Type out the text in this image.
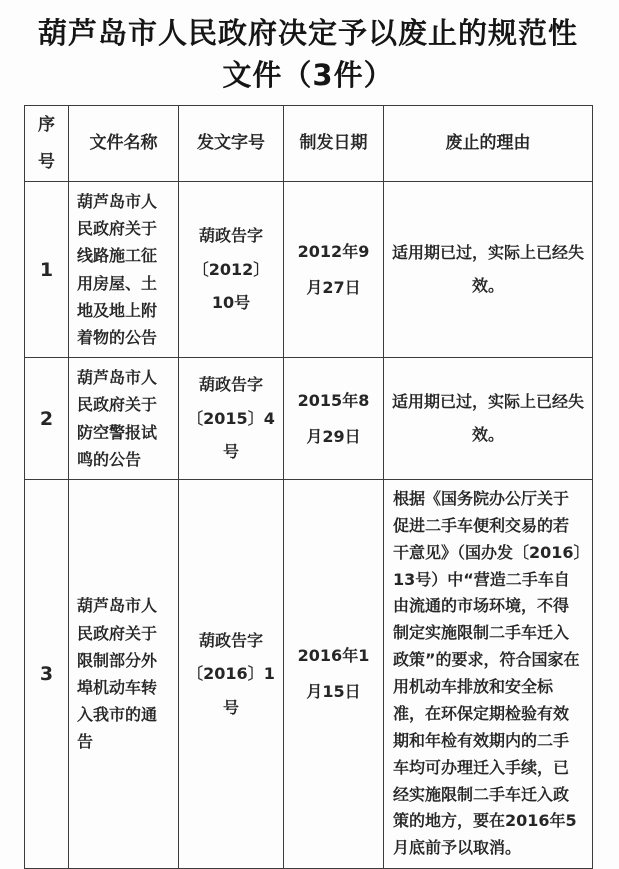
葫芦岛市人民政府决定予以废止的规范性
文件（3件）
序号	文件名称	发文字号	制发日期	废止的理由
1	葫芦岛市人民政府关于线路施工征用房屋、土地及地上附着物的公告	葫政告字〔2012〕10号	2012年9月27日	适用期已过，实际上已经失效。
2	葫芦岛市人民政府关于防空警报试鸣的公告	葫政告字〔2015〕4号	2015年8月29日	适用期已过，实际上已经失效。
3	葫芦岛市人民政府关于限制部分外埠机动车转入我市的通告	葫政告字〔2016〕1号	2016年1月15日	根据《国务院办公厅关于促进二手车便利交易的若干意见》（国办发〔2016〕13号）中“营造二手车自由流通的市场环境，不得制定实施限制二手车迁入政策”的要求，符合国家在用机动车排放和安全标准，在环保定期检验有效期和年检有效期内的二手车均可办理迁入手续，已经实施限制二手车迁入政策的地方，要在2016年5月底前予以取消。
